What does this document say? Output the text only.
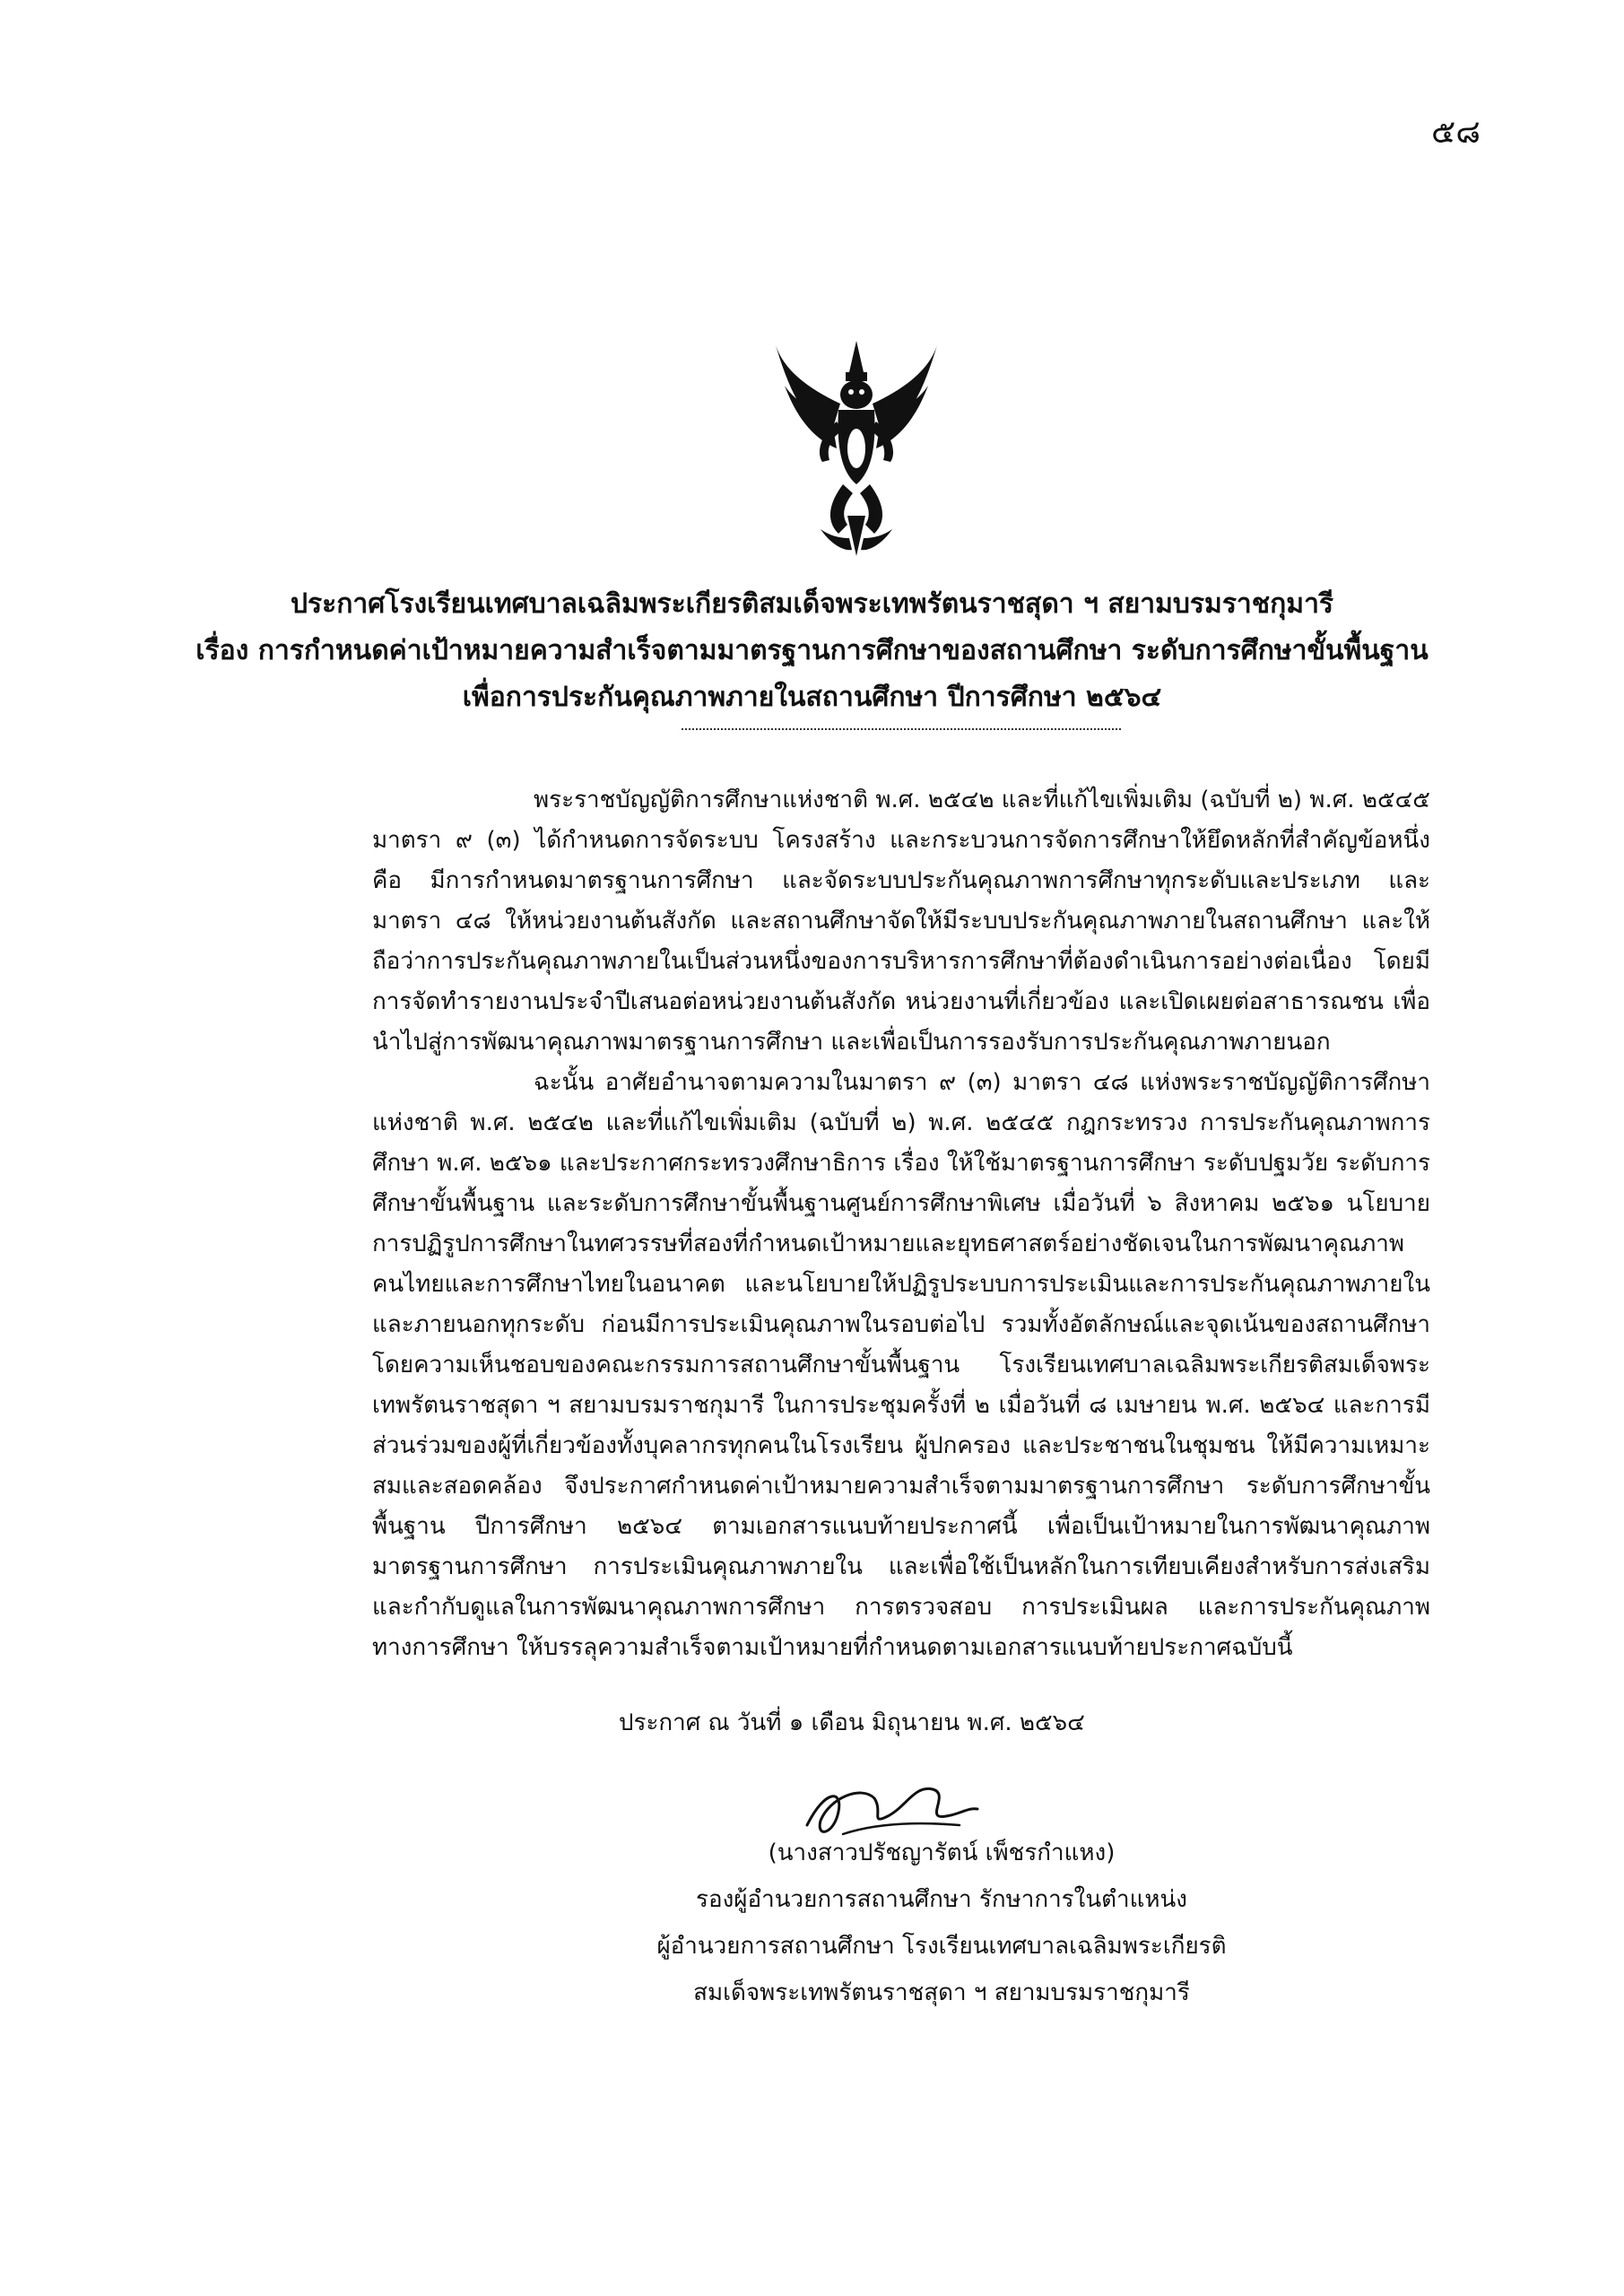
๕๘
ประกาศโรงเรียนเทศบาลเฉลิมพระเกียรติสมเด็จพระเทพรัตนราชสุดา ฯ สยามบรมราชกุมารี
เรื่อง การกำหนดค่าเป้าหมายความสำเร็จตามมาตรฐานการศึกษาของสถานศึกษา ระดับการศึกษาขั้นพื้นฐาน
เพื่อการประกันคุณภาพภายในสถานศึกษา ปีการศึกษา ๒๕๖๔

พระราชบัญญัติการศึกษาแห่งชาติ พ.ศ. ๒๕๔๒ และที่แก้ไขเพิ่มเติม (ฉบับที่ ๒) พ.ศ. ๒๕๔๕ มาตรา ๙ (๓) ได้กำหนดการจัดระบบ โครงสร้าง และกระบวนการจัดการศึกษาให้ยึดหลักที่สำคัญข้อหนึ่ง คือ มีการกำหนดมาตรฐานการศึกษา และจัดระบบประกันคุณภาพการศึกษาทุกระดับและประเภท และมาตรา ๔๘ ให้หน่วยงานต้นสังกัด และสถานศึกษาจัดให้มีระบบประกันคุณภาพภายในสถานศึกษา และให้ถือว่าการประกันคุณภาพภายในเป็นส่วนหนึ่งของการบริหารการศึกษาที่ต้องดำเนินการอย่างต่อเนื่อง โดยมีการจัดทำรายงานประจำปีเสนอต่อหน่วยงานต้นสังกัด หน่วยงานที่เกี่ยวข้อง และเปิดเผยต่อสาธารณชน เพื่อนำไปสู่การพัฒนาคุณภาพมาตรฐานการศึกษา และเพื่อเป็นการรองรับการประกันคุณภาพภายนอก

ฉะนั้น อาศัยอำนาจตามความในมาตรา ๙ (๓) มาตรา ๔๘ แห่งพระราชบัญญัติการศึกษาแห่งชาติ พ.ศ. ๒๕๔๒ และที่แก้ไขเพิ่มเติม (ฉบับที่ ๒) พ.ศ. ๒๕๔๕ กฎกระทรวง การประกันคุณภาพการศึกษา พ.ศ. ๒๕๖๑ และประกาศกระทรวงศึกษาธิการ เรื่อง ให้ใช้มาตรฐานการศึกษา ระดับปฐมวัย ระดับการศึกษาขั้นพื้นฐาน และระดับการศึกษาขั้นพื้นฐานศูนย์การศึกษาพิเศษ เมื่อวันที่ ๖ สิงหาคม ๒๕๖๑ นโยบายการปฏิรูปการศึกษาในทศวรรษที่สองที่กำหนดเป้าหมายและยุทธศาสตร์อย่างชัดเจนในการพัฒนาคุณภาพคนไทยและการศึกษาไทยในอนาคต และนโยบายให้ปฏิรูประบบการประเมินและการประกันคุณภาพภายในและภายนอกทุกระดับ ก่อนมีการประเมินคุณภาพในรอบต่อไป รวมทั้งอัตลักษณ์และจุดเน้นของสถานศึกษา โดยความเห็นชอบของคณะกรรมการสถานศึกษาขั้นพื้นฐาน โรงเรียนเทศบาลเฉลิมพระเกียรติสมเด็จพระเทพรัตนราชสุดา ฯ สยามบรมราชกุมารี ในการประชุมครั้งที่ ๒ เมื่อวันที่ ๘ เมษายน พ.ศ. ๒๕๖๔ และการมีส่วนร่วมของผู้ที่เกี่ยวข้องทั้งบุคลากรทุกคนในโรงเรียน ผู้ปกครอง และประชาชนในชุมชน ให้มีความเหมาะสมและสอดคล้อง จึงประกาศกำหนดค่าเป้าหมายความสำเร็จตามมาตรฐานการศึกษา ระดับการศึกษาขั้นพื้นฐาน ปีการศึกษา ๒๕๖๔ ตามเอกสารแนบท้ายประกาศนี้ เพื่อเป็นเป้าหมายในการพัฒนาคุณภาพมาตรฐานการศึกษา การประเมินคุณภาพภายใน และเพื่อใช้เป็นหลักในการเทียบเคียงสำหรับการส่งเสริมและกำกับดูแลในการพัฒนาคุณภาพการศึกษา การตรวจสอบ การประเมินผล และการประกันคุณภาพทางการศึกษา ให้บรรลุความสำเร็จตามเป้าหมายที่กำหนดตามเอกสารแนบท้ายประกาศฉบับนี้

ประกาศ ณ วันที่ ๑ เดือน มิถุนายน พ.ศ. ๒๕๖๔
(นางสาวปรัชญารัตน์ เพ็ชรกำแหง)
รองผู้อำนวยการสถานศึกษา รักษาการในตำแหน่ง
ผู้อำนวยการสถานศึกษา โรงเรียนเทศบาลเฉลิมพระเกียรติ
สมเด็จพระเทพรัตนราชสุดา ฯ สยามบรมราชกุมารี
